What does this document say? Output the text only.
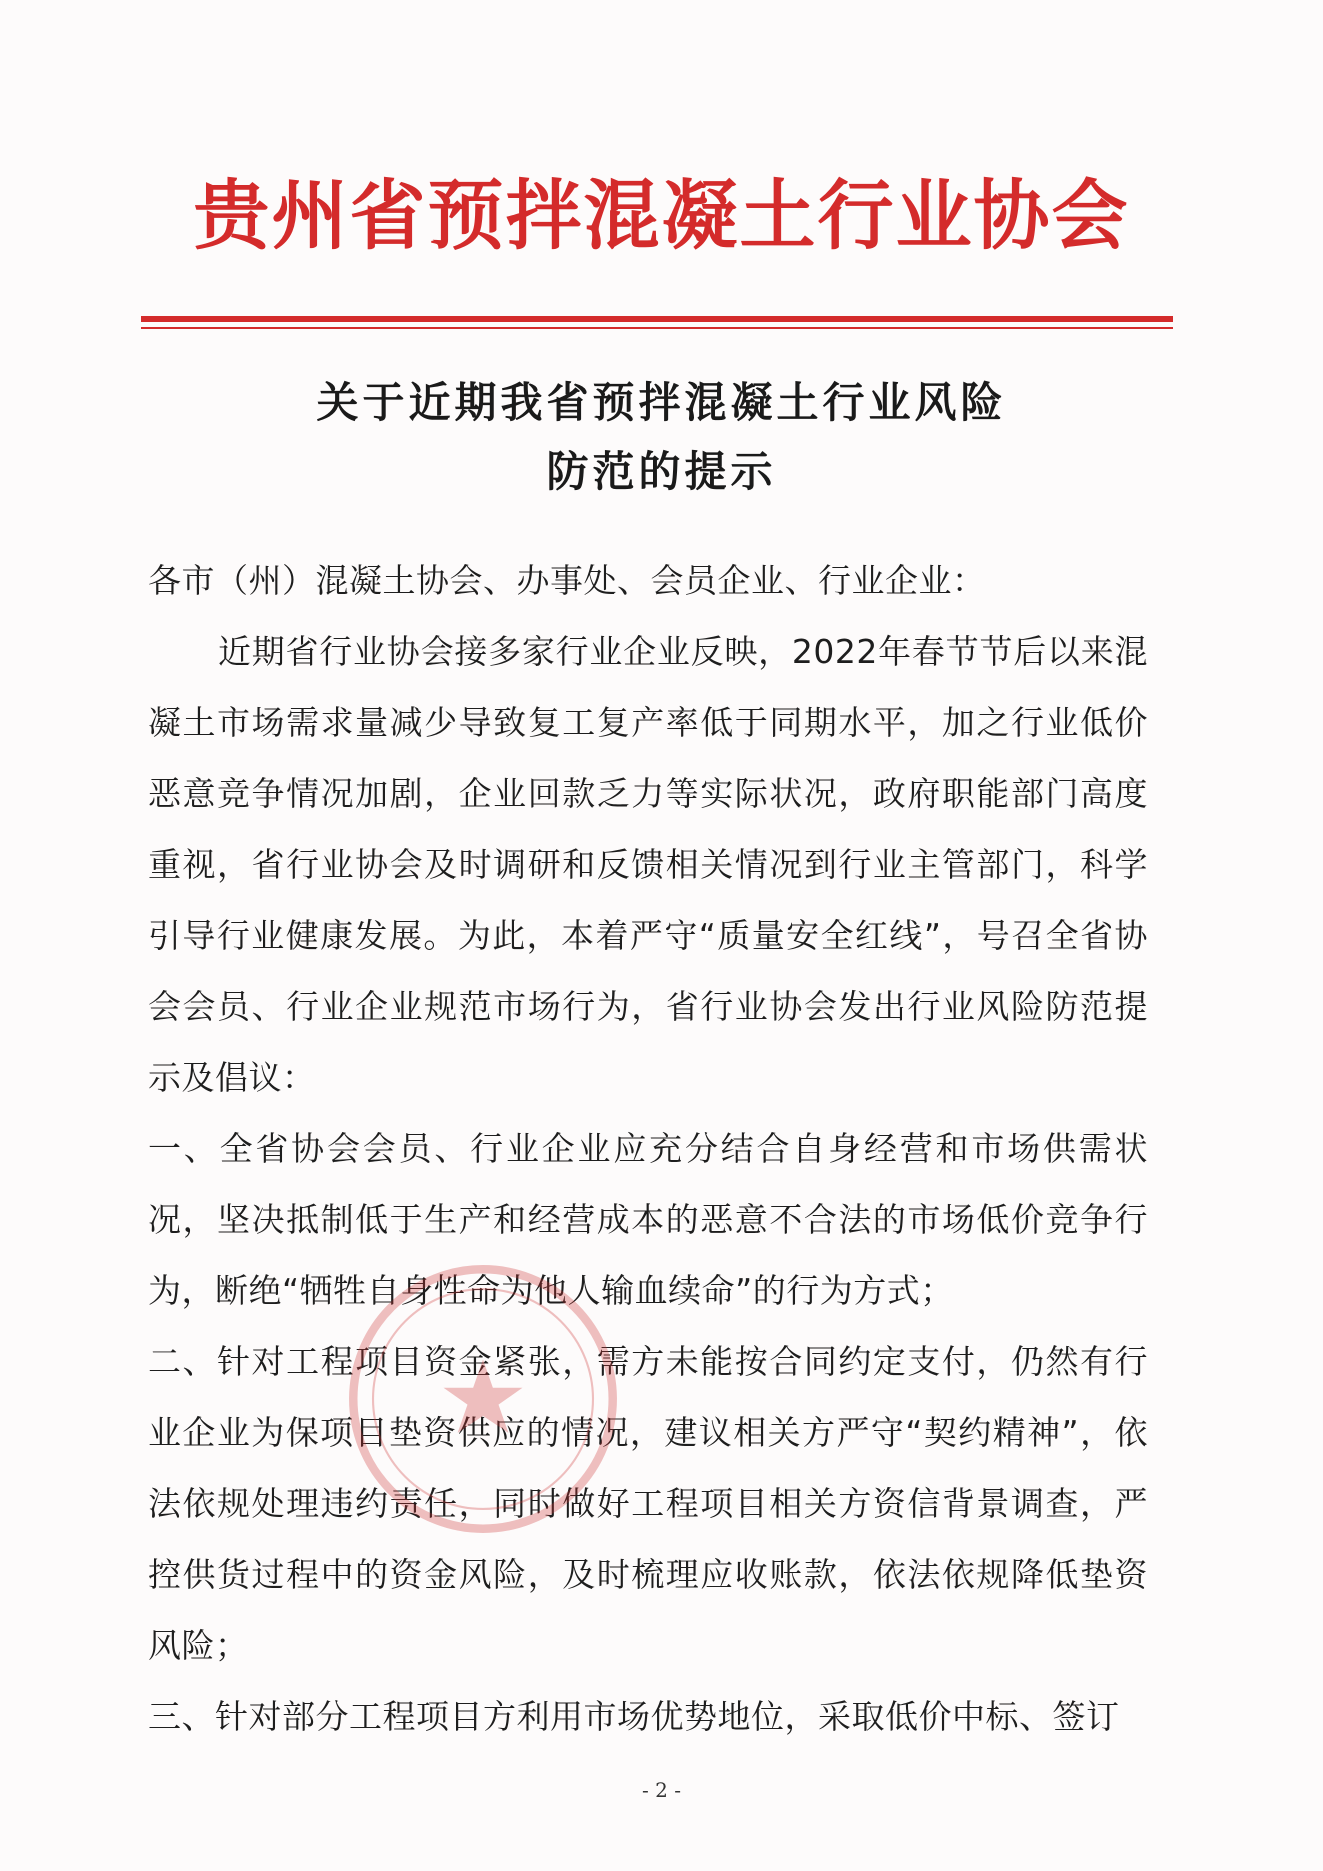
贵州省预拌混凝土行业协会
关于近期我省预拌混凝土行业风险
防范的提示

各市（州）混凝土协会、办事处、会员企业、行业企业：

近期省行业协会接多家行业企业反映，2022年春节节后以来混凝土市场需求量减少导致复工复产率低于同期水平，加之行业低价恶意竞争情况加剧，企业回款乏力等实际状况，政府职能部门高度重视，省行业协会及时调研和反馈相关情况到行业主管部门，科学引导行业健康发展。为此，本着严守“质量安全红线”，号召全省协会会员、行业企业规范市场行为，省行业协会发出行业风险防范提示及倡议：

一、全省协会会员、行业企业应充分结合自身经营和市场供需状况，坚决抵制低于生产和经营成本的恶意不合法的市场低价竞争行为，断绝“牺牲自身性命为他人输血续命”的行为方式；

二、针对工程项目资金紧张，需方未能按合同约定支付，仍然有行业企业为保项目垫资供应的情况，建议相关方严守“契约精神”，依法依规处理违约责任，同时做好工程项目相关方资信背景调查，严控供货过程中的资金风险，及时梳理应收账款，依法依规降低垫资风险；

三、针对部分工程项目方利用市场优势地位，采取低价中标、签订

- 2 -
